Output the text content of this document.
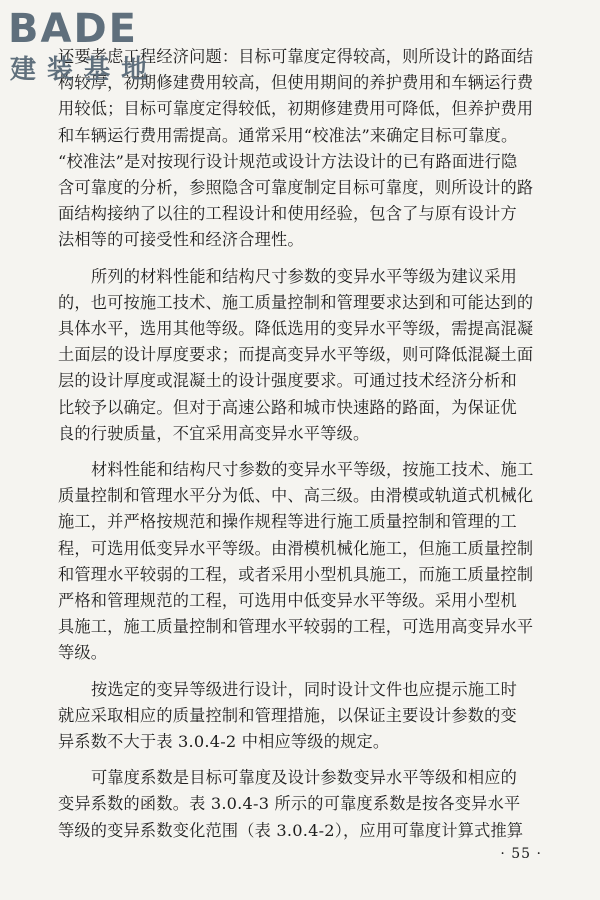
BADE
建 装 基 地
还要考虑工程经济问题：目标可靠度定得较高，则所设计的路面结
构较厚，初期修建费用较高，但使用期间的养护费用和车辆运行费
用较低；目标可靠度定得较低，初期修建费用可降低，但养护费用
和车辆运行费用需提高。通常采用“校准法”来确定目标可靠度。
“校准法”是对按现行设计规范或设计方法设计的已有路面进行隐
含可靠度的分析，参照隐含可靠度制定目标可靠度，则所设计的路
面结构接纳了以往的工程设计和使用经验，包含了与原有设计方
法相等的可接受性和经济合理性。
所列的材料性能和结构尺寸参数的变异水平等级为建议采用
的，也可按施工技术、施工质量控制和管理要求达到和可能达到的
具体水平，选用其他等级。降低选用的变异水平等级，需提高混凝
土面层的设计厚度要求；而提高变异水平等级，则可降低混凝土面
层的设计厚度或混凝土的设计强度要求。可通过技术经济分析和
比较予以确定。但对于高速公路和城市快速路的路面，为保证优
良的行驶质量，不宜采用高变异水平等级。
材料性能和结构尺寸参数的变异水平等级，按施工技术、施工
质量控制和管理水平分为低、中、高三级。由滑模或轨道式机械化
施工，并严格按规范和操作规程等进行施工质量控制和管理的工
程，可选用低变异水平等级。由滑模机械化施工，但施工质量控制
和管理水平较弱的工程，或者采用小型机具施工，而施工质量控制
严格和管理规范的工程，可选用中低变异水平等级。采用小型机
具施工，施工质量控制和管理水平较弱的工程，可选用高变异水平
等级。
按选定的变异等级进行设计，同时设计文件也应提示施工时
就应采取相应的质量控制和管理措施，以保证主要设计参数的变
异系数不大于表 3.0.4-2 中相应等级的规定。
可靠度系数是目标可靠度及设计参数变异水平等级和相应的
变异系数的函数。表 3.0.4-3 所示的可靠度系数是按各变异水平
等级的变异系数变化范围（表 3.0.4-2），应用可靠度计算式推算
· 55 ·
